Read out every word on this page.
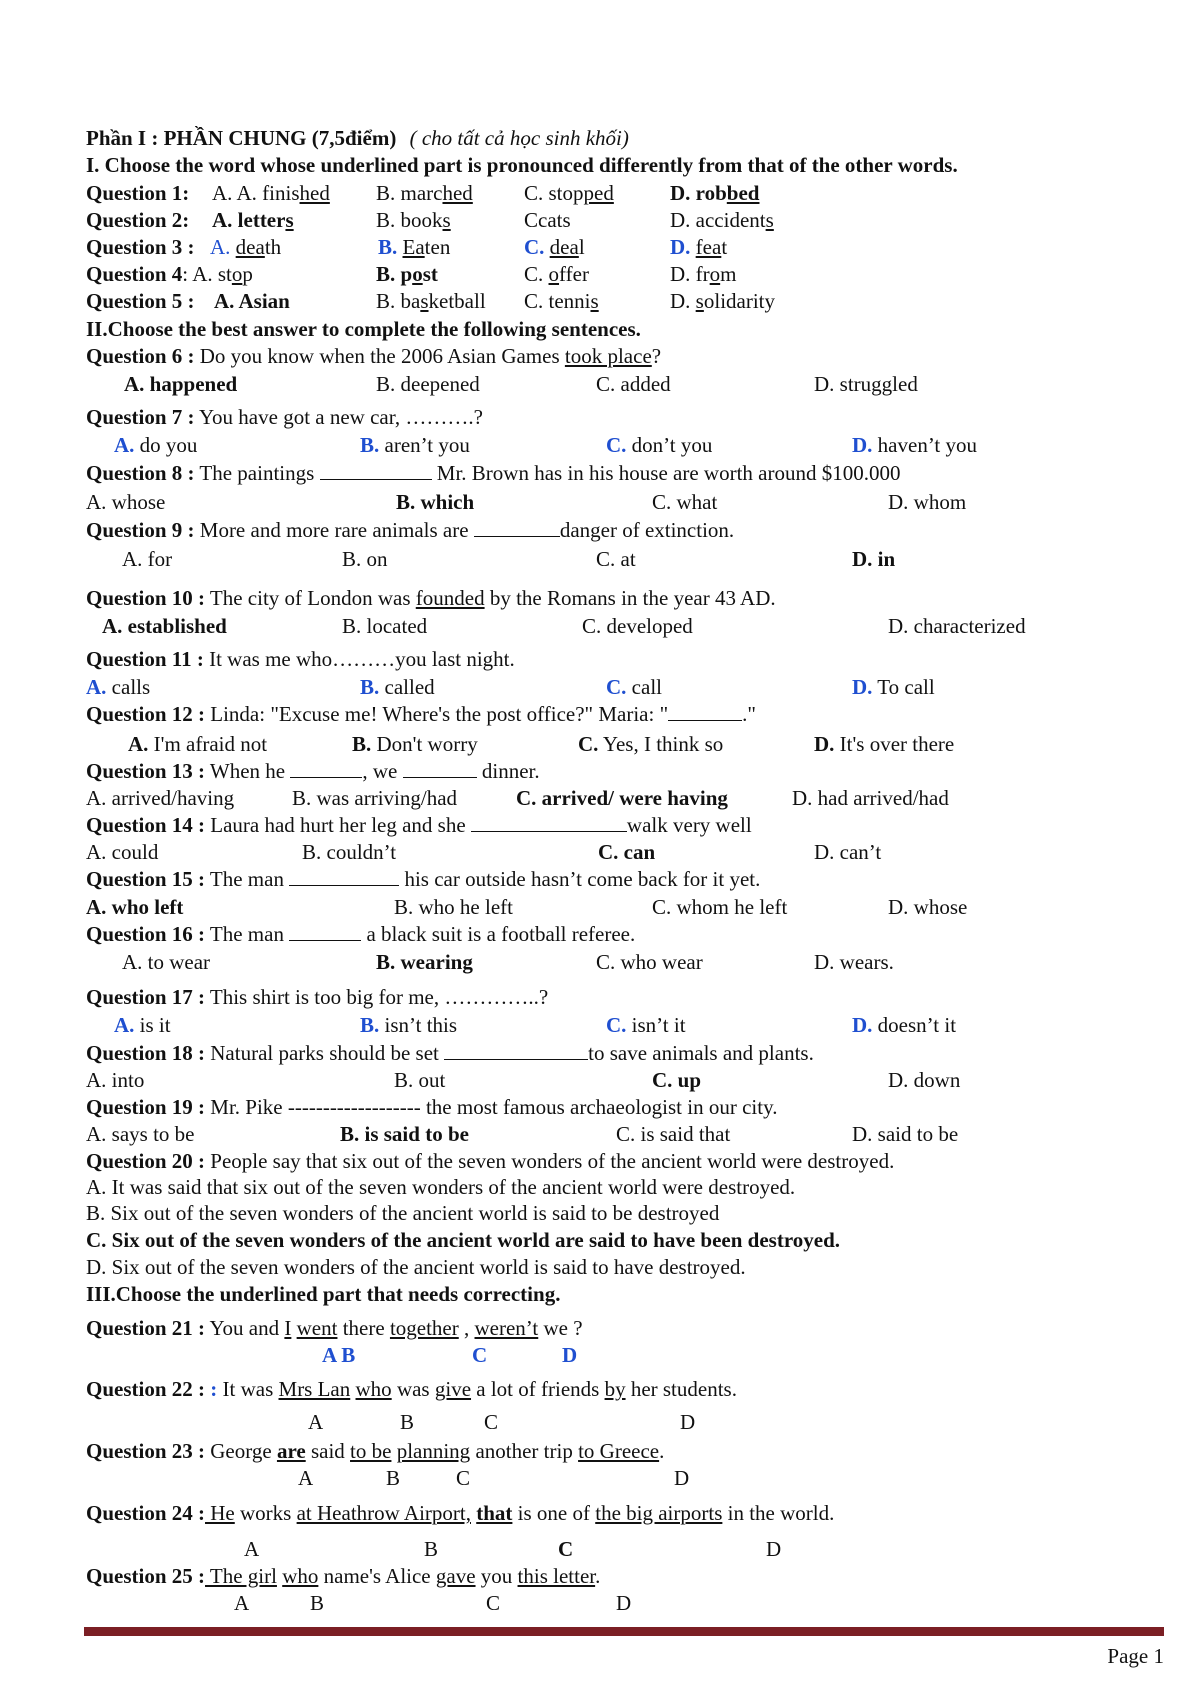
Phần I : PHẦN CHUNG (7,5điểm) ( cho tất cả học sinh khối)
I. Choose the word whose underlined part is pronounced differently from that of the other words.
Question 1: A. A. finished B. marched C. stopped	D. robbed
Question 2: A. letters	B. books	Ccats	D. accidents
Question 3 : A. death	B. Eaten	C. deal	D. feat
Question 4: A. stop	B. post	C. offer	D. from
Question 5 : A. Asian	B. basketball C. tennis	D. solidarity
II.Choose the best answer to complete the following sentences.
Question 6 : Do you know when the 2006 Asian Games took place?
A. happened	B. deepened	C. added	D. struggled
Question 7 : You have got a new car, ……….?
A. do you	B. aren’t you	C. don’t you	D. haven’t you
Question 8 : The paintings	Mr. Brown has in his house are worth around $100.000
A. whose	B. which	C. what	D. whom
Question 9 : More and more rare animals are	danger of extinction.
A. for	B. on	C. at	D. in
Question 10 : The city of London was founded by the Romans in the year 43 AD.
A. established	B. located	C. developed	D. characterized
Question 11 : It was me who………you last night.
A. calls	B. called	C. call	D. To call
Question 12 : Linda: "Excuse me! Where's the post office?" Maria: "	."
A. I'm afraid not	B. Don't worry	C. Yes, I think so	D. It's over there
Question 13 : When he	, we	dinner.
A. arrived/having	B. was arriving/had	C. arrived/ were having	D. had arrived/had
Question 14 : Laura had hurt her leg and she	walk very well
A. could	B. couldn’t	C. can	D. can’t
Question 15 : The man	his car outside hasn’t come back for it yet.
A. who left	B. who he left	C. whom he left	D. whose
Question 16 : The man	a black suit is a football referee.
A. to wear	B. wearing	C. who wear	D. wears.
Question 17 : This shirt is too big for me, …………..?
A. is it	B. isn’t this	C. isn’t it	D. doesn’t it
Question 18 : Natural parks should be set	to save animals and plants.
A. into	B. out	C. up	D. down
Question 19 : Mr. Pike ------------------- the most famous archaeologist in our city.
A. says to be	B. is said to be	C. is said that	D. said to be
Question 20 : People say that six out of the seven wonders of the ancient world were destroyed.
A. It was said that six out of the seven wonders of the ancient world were destroyed.
B. Six out of the seven wonders of the ancient world is said to be destroyed
C. Six out of the seven wonders of the ancient world are said to have been destroyed.
D. Six out of the seven wonders of the ancient world is said to have destroyed.
III.Choose the underlined part that needs correcting.
Question 21 : You and I went there together , weren’t we ?
A B	C	D
Question 22 : : It was Mrs Lan who was give a lot of friends by her students.
A	B	C	D
Question 23 : George are said to be planning another trip to Greece.
A	B	C	D
Question 24 : He works at Heathrow Airport, that is one of the big airports in the world.
A	B	C	D
Question 25 : The girl who name's Alice gave you this letter.
A	B	C	D
Page 1
